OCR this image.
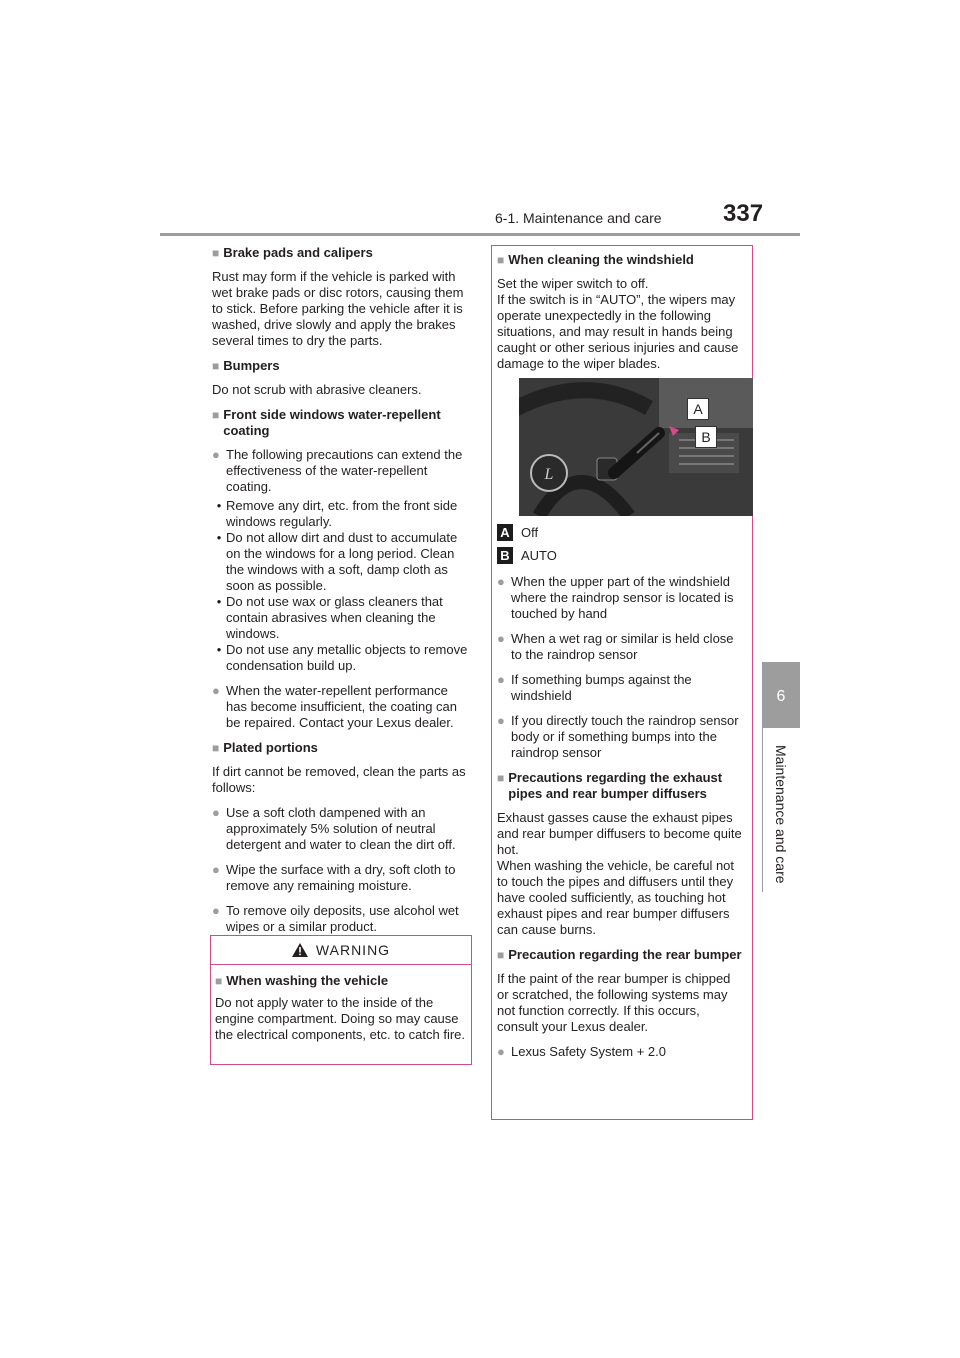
6-1. Maintenance and care	337
6
Maintenance and care
■ Brake pads and calipers

Rust may form if the vehicle is parked with wet brake pads or disc rotors, causing them to stick. Before parking the vehicle after it is washed, drive slowly and apply the brakes several times to dry the parts.

■ Bumpers

Do not scrub with abrasive cleaners.

■ Front side windows water-repellent coating
● The following precautions can extend the effectiveness of the water-repellent coating.
• Remove any dirt, etc. from the front side windows regularly.
• Do not allow dirt and dust to accumulate on the windows for a long period. Clean the windows with a soft, damp cloth as soon as possible.
• Do not use wax or glass cleaners that contain abrasives when cleaning the windows.
• Do not use any metallic objects to remove condensation build up.
● When the water-repellent performance has become insufficient, the coating can be repaired. Contact your Lexus dealer.
■ Plated portions

If dirt cannot be removed, clean the parts as follows:

● Use a soft cloth dampened with an approximately 5% solution of neutral detergent and water to clean the dirt off.
● Wipe the surface with a dry, soft cloth to remove any remaining moisture.
● To remove oily deposits, use alcohol wet wipes or a similar product.
WARNING
■ When washing the vehicle

Do not apply water to the inside of the engine compartment. Doing so may cause the electrical components, etc. to catch fire.

■ When cleaning the windshield

Set the wiper switch to off.
If the switch is in “AUTO”, the wipers may operate unexpectedly in the following situations, and may result in hands being caught or other serious injuries and cause damage to the wiper blades.

L
A
B
A Off
B AUTO
● When the upper part of the windshield where the raindrop sensor is located is touched by hand
● When a wet rag or similar is held close to the raindrop sensor
● If something bumps against the windshield
● If you directly touch the raindrop sensor body or if something bumps into the raindrop sensor
■ Precautions regarding the exhaust pipes and rear bumper diffusers

Exhaust gasses cause the exhaust pipes and rear bumper diffusers to become quite hot.
When washing the vehicle, be careful not to touch the pipes and diffusers until they have cooled sufficiently, as touching hot exhaust pipes and rear bumper diffusers can cause burns.

■ Precaution regarding the rear bumper

If the paint of the rear bumper is chipped or scratched, the following systems may not function correctly. If this occurs, consult your Lexus dealer.

● Lexus Safety System + 2.0
